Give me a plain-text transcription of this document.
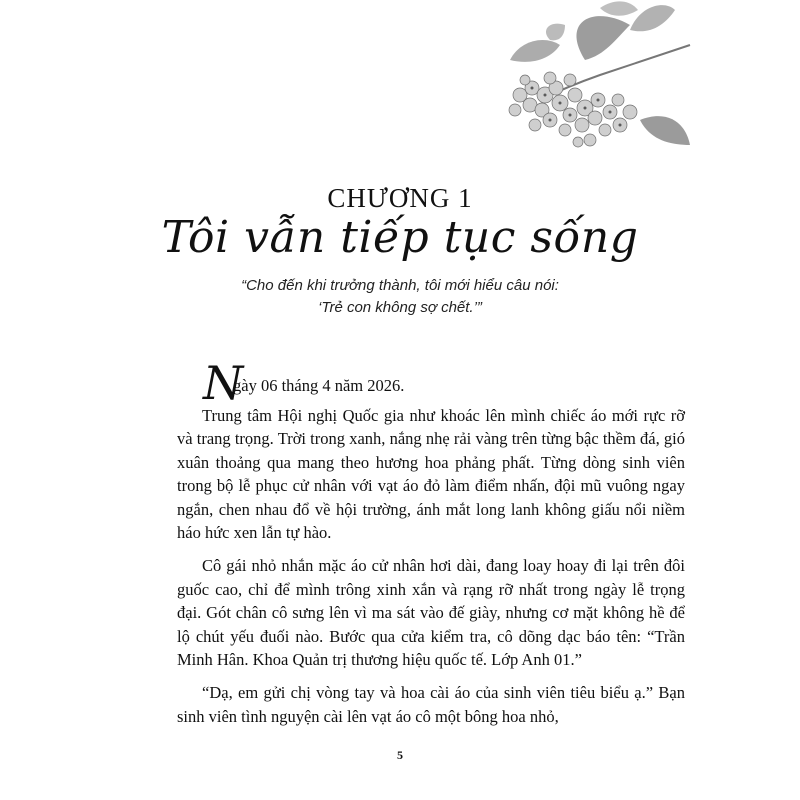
CHƯƠNG 1
Tôi vẫn tiếp tục sống
“Cho đến khi trưởng thành, tôi mới hiểu câu nói:
‘Trẻ con không sợ chết.’”
N
gày 06 tháng 4 năm 2026.

Trung tâm Hội nghị Quốc gia như khoác lên mình chiếc áo mới rực rỡ và trang trọng. Trời trong xanh, nắng nhẹ rải vàng trên từng bậc thềm đá, gió xuân thoảng qua mang theo hương hoa phảng phất. Từng dòng sinh viên trong bộ lễ phục cử nhân với vạt áo đỏ làm điểm nhấn, đội mũ vuông ngay ngắn, chen nhau đổ về hội trường, ánh mắt long lanh không giấu nổi niềm háo hức xen lẫn tự hào.

Cô gái nhỏ nhắn mặc áo cử nhân hơi dài, đang loay hoay đi lại trên đôi guốc cao, chỉ để mình trông xinh xắn và rạng rỡ nhất trong ngày lễ trọng đại. Gót chân cô sưng lên vì ma sát vào đế giày, nhưng cơ mặt không hề để lộ chút yếu đuối nào. Bước qua cửa kiểm tra, cô dõng dạc báo tên: “Trần Minh Hân. Khoa Quản trị thương hiệu quốc tế. Lớp Anh 01.”

“Dạ, em gửi chị vòng tay và hoa cài áo của sinh viên tiêu biểu ạ.” Bạn sinh viên tình nguyện cài lên vạt áo cô một bông hoa nhỏ,

5
